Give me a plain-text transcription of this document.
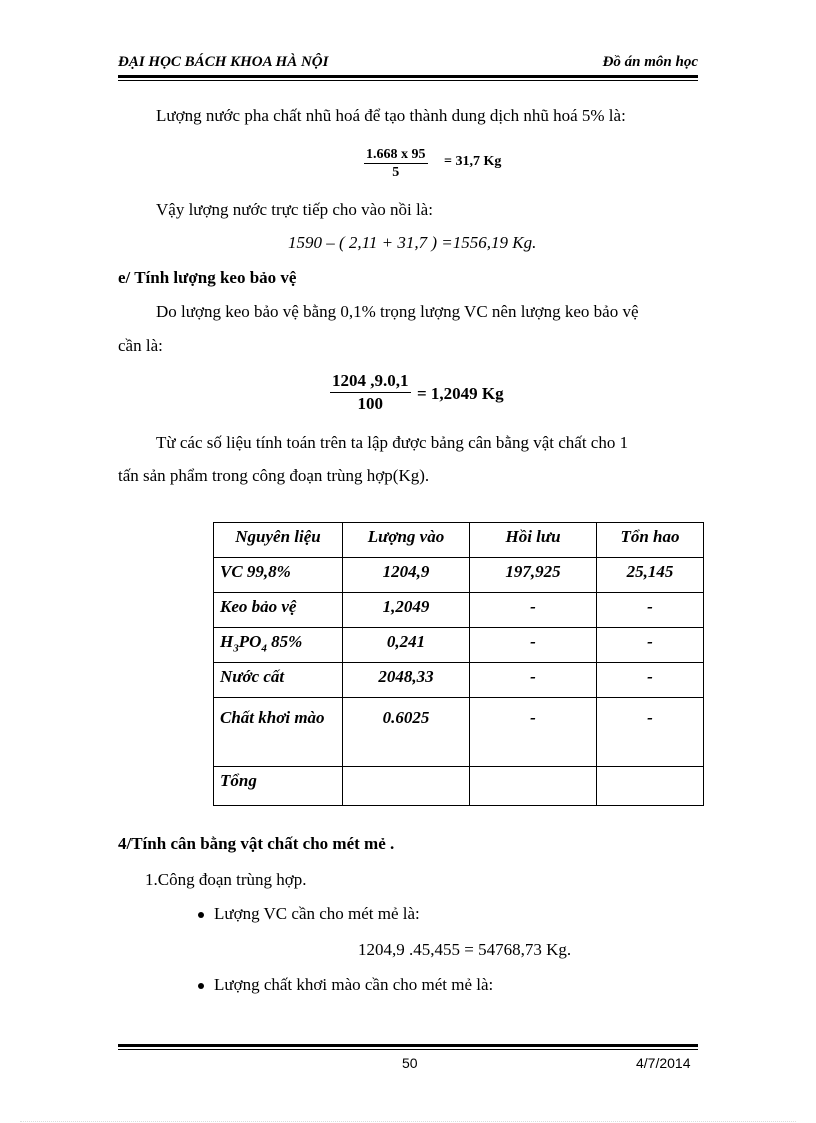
ĐẠI HỌC BÁCH KHOA HÀ NỘI	Đồ án môn học
Lượng nước pha chất nhũ hoá để tạo thành dung dịch nhũ hoá 5% là:
$\frac{1.668 x 95}{5} = 31,7$ Kg
Vậy lượng nước trực tiếp cho vào nồi là:
1590 – ( 2,11 + 31,7 ) =1556,19 Kg.
e/ Tính lượng keo bảo vệ
Do lượng keo bảo vệ bằng 0,1% trọng lượng VC nên lượng keo bảo vệ
cần là:
$\frac{1204 ,9.0,1}{100} = 1,2049$ Kg
Từ các số liệu tính toán trên ta lập được bảng cân bằng vật chất cho 1
tấn sản phẩm trong công đoạn trùng hợp(Kg).
Nguyên liệu	Lượng vào	Hồi lưu	Tổn hao
VC 99,8%	1204,9	197,925	25,145
Keo bảo vệ	1,2049	-	-
$H_3PO_4$ 85%	0,241	-	-
Nước cất	2048,33	-	-
Chất khơi mào	0.6025	-	-
Tổng			
4/Tính cân bằng vật chất cho mét mẻ .
1.Công đoạn trùng hợp.
Lượng VC cần cho mét mẻ là:
1204,9 .45,455 = 54768,73 Kg.
Lượng chất khơi mào cần cho mét mẻ là:
50	4/7/2014
